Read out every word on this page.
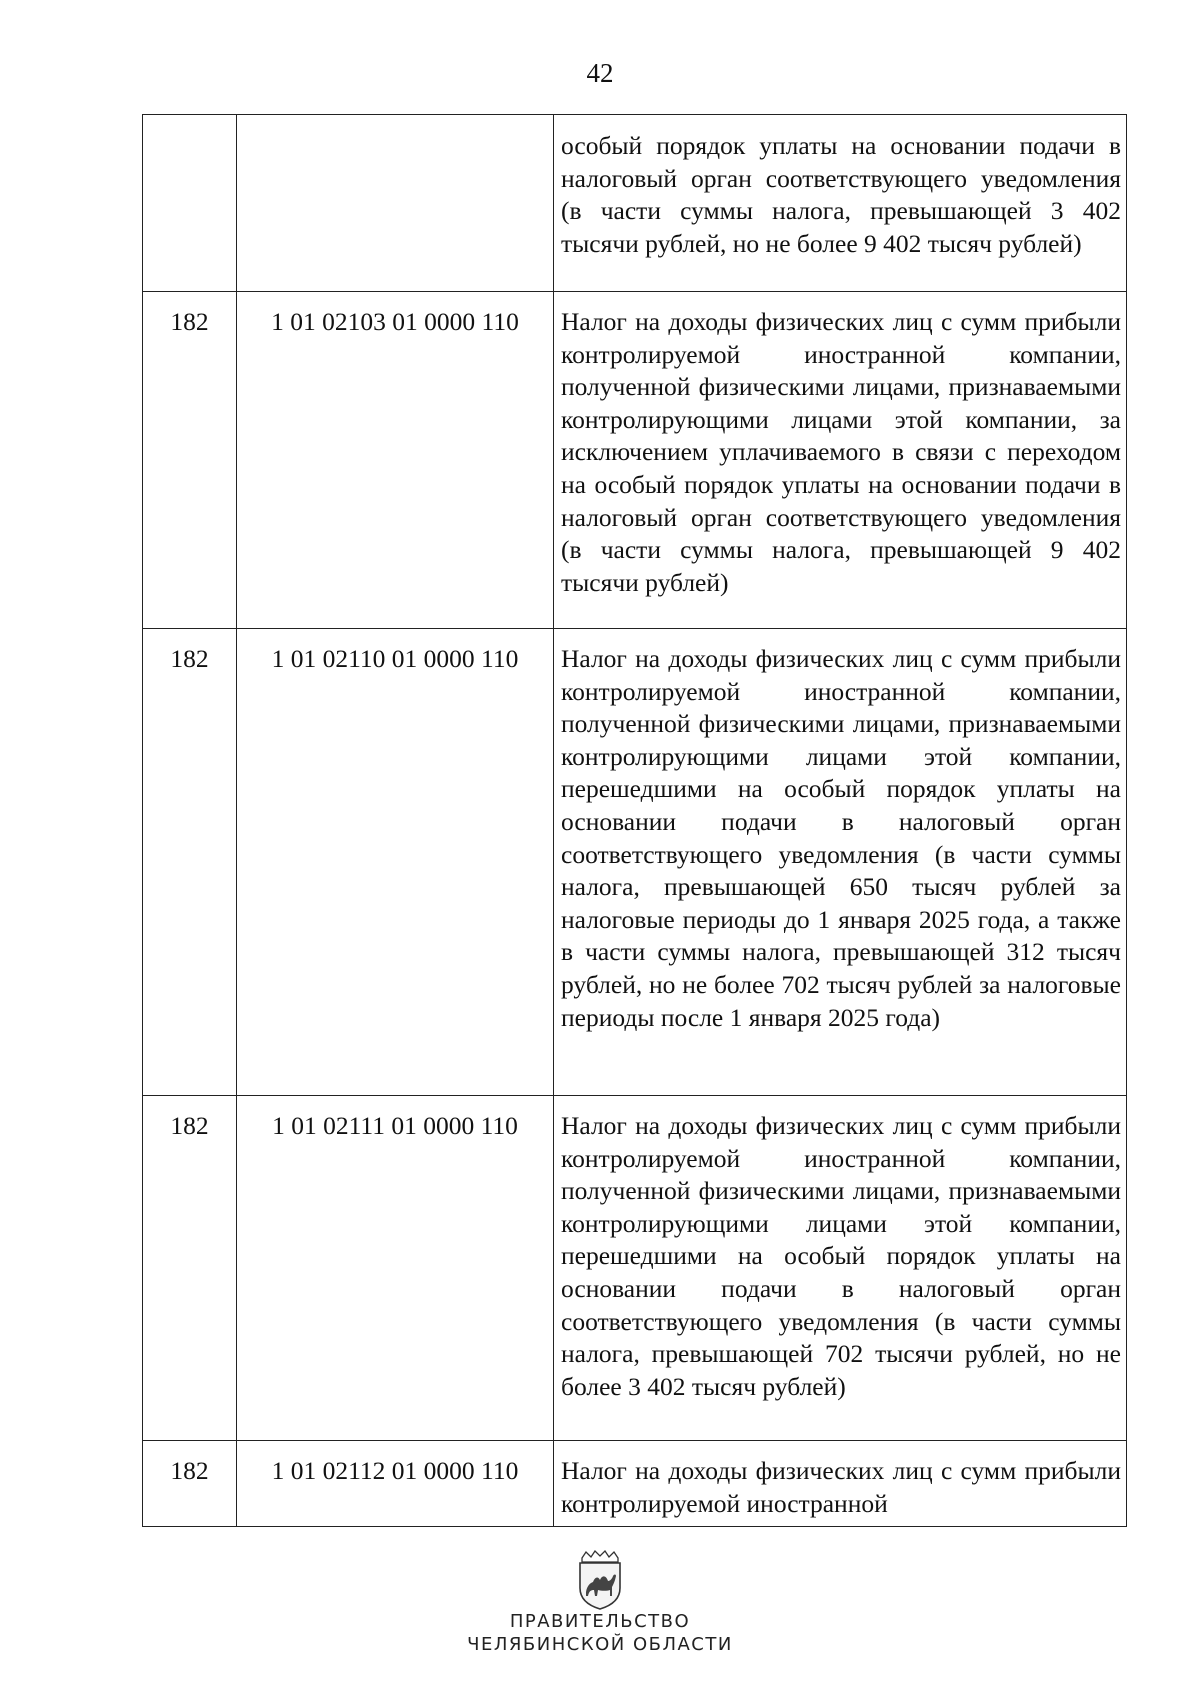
42
		особый порядок уплаты на основании подачи в налоговый орган соответствующего уведомления (в части суммы налога, превышающей 3 402 тысячи рублей, но не более 9 402 тысяч рублей)
182	1 01 02103 01 0000 110	Налог на доходы физических лиц с сумм прибыли контролируемой иностранной компании, полученной физическими лицами, признаваемыми контролирующими лицами этой компании, за исключением уплачиваемого в связи с переходом на особый порядок уплаты на основании подачи в налоговый орган соответствующего уведомления (в части суммы налога, превышающей 9 402 тысячи рублей)
182	1 01 02110 01 0000 110	Налог на доходы физических лиц с сумм прибыли контролируемой иностранной компании, полученной физическими лицами, признаваемыми контролирующими лицами этой компании, перешедшими на особый порядок уплаты на основании подачи в налоговый орган соответствующего уведомления (в части суммы налога, превышающей 650 тысяч рублей за налоговые периоды до 1 января 2025 года, а также в части суммы налога, превышающей 312 тысяч рублей, но не более 702 тысяч рублей за налоговые периоды после 1 января 2025 года)
182	1 01 02111 01 0000 110	Налог на доходы физических лиц с сумм прибыли контролируемой иностранной компании, полученной физическими лицами, признаваемыми контролирующими лицами этой компании, перешедшими на особый порядок уплаты на основании подачи в налоговый орган соответствующего уведомления (в части суммы налога, превышающей 702 тысячи рублей, но не более 3 402 тысяч рублей)
182	1 01 02112 01 0000 110	Налог на доходы физических лиц с сумм прибыли контролируемой иностранной
ПРАВИТЕЛЬСТВО
ЧЕЛЯБИНСКОЙ ОБЛАСТИ
